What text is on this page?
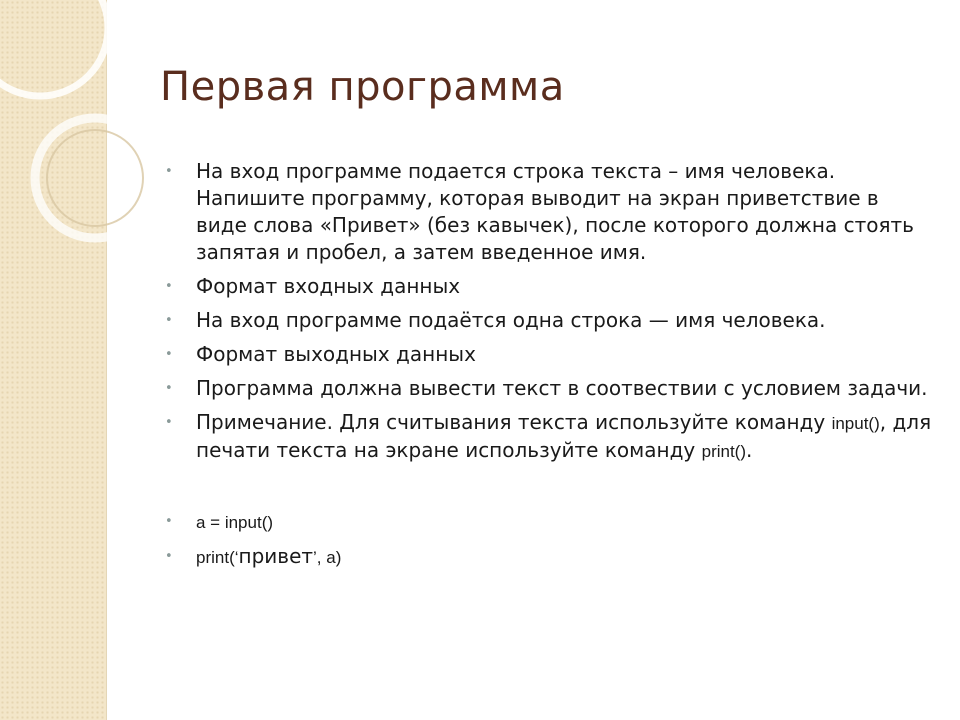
Первая программа
• На вход программе подается строка текста – имя человека. Напишите программу, которая выводит на экран приветствие в виде слова «Привет» (без кавычек), после которого должна стоять запятая и пробел, а затем введенное имя.
• Формат входных данных
• На вход программе подаётся одна строка — имя человека.
• Формат выходных данных
• Программа должна вывести текст в соотвествии с условием задачи.
• Примечание. Для считывания текста используйте команду input(), для печати текста на экране используйте команду print().
• a = input()
• print(‘привет’, a)
